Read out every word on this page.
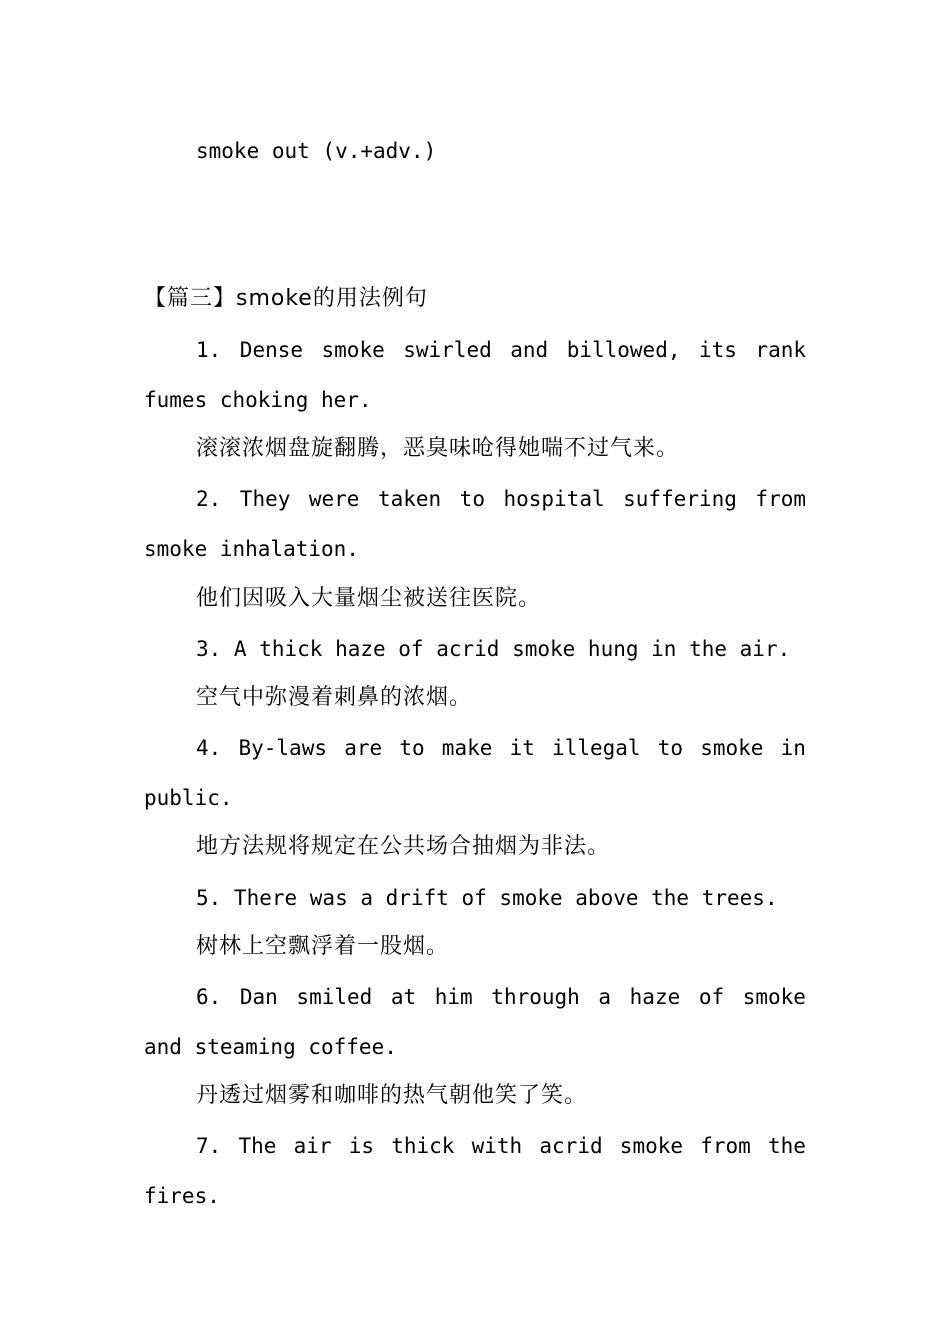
smoke out (v.+adv.)
【篇三】smoke的用法例句
1. Dense smoke swirled and billowed, its rank
fumes choking her.
滚滚浓烟盘旋翻腾，恶臭味呛得她喘不过气来。
2. They were taken to hospital suffering from
smoke inhalation.
他们因吸入大量烟尘被送往医院。
3. A thick haze of acrid smoke hung in the air.
空气中弥漫着刺鼻的浓烟。
4. By-laws are to make it illegal to smoke in
public.
地方法规将规定在公共场合抽烟为非法。
5. There was a drift of smoke above the trees.
树林上空飘浮着一股烟。
6. Dan smiled at him through a haze of smoke
and steaming coffee.
丹透过烟雾和咖啡的热气朝他笑了笑。
7. The air is thick with acrid smoke from the
fires.
